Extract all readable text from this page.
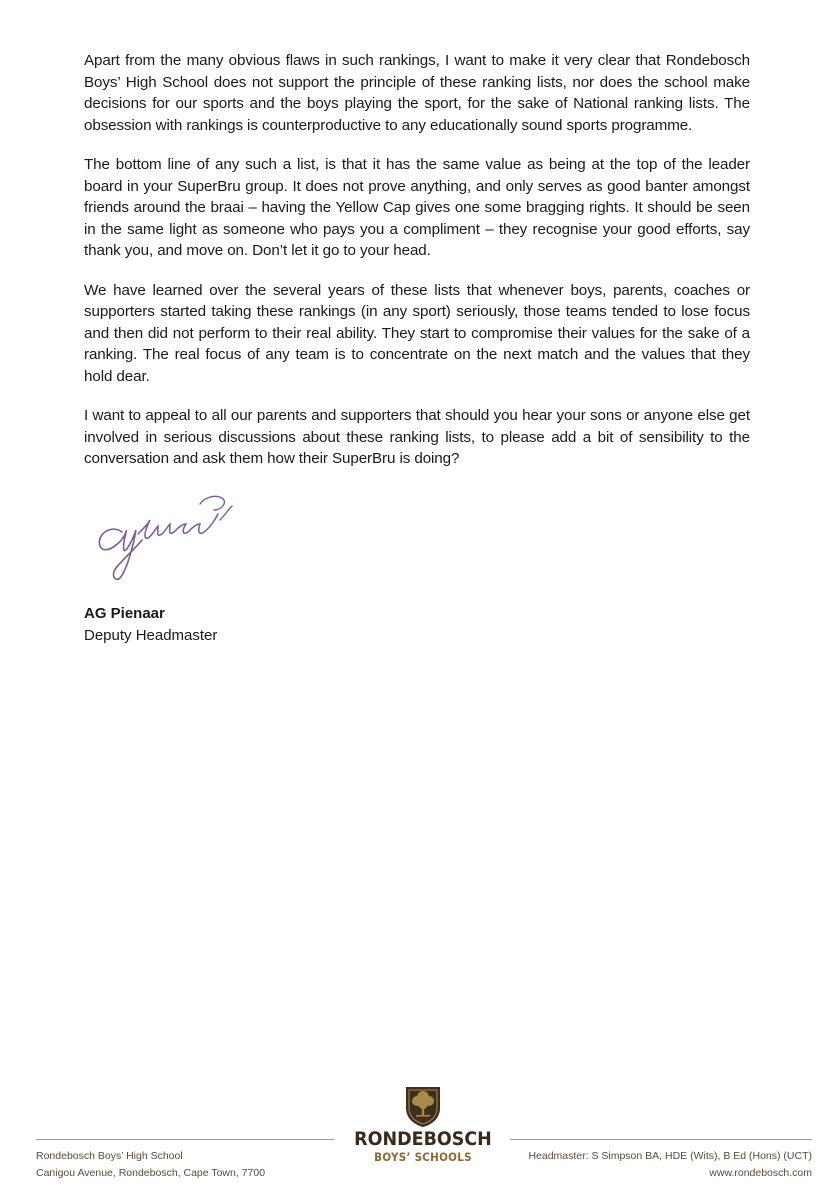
Apart from the many obvious flaws in such rankings, I want to make it very clear that Rondebosch Boys’ High School does not support the principle of these ranking lists, nor does the school make decisions for our sports and the boys playing the sport, for the sake of National ranking lists. The obsession with rankings is counterproductive to any educationally sound sports programme.

The bottom line of any such a list, is that it has the same value as being at the top of the leader board in your SuperBru group. It does not prove anything, and only serves as good banter amongst friends around the braai – having the Yellow Cap gives one some bragging rights. It should be seen in the same light as someone who pays you a compliment – they recognise your good efforts, say thank you, and move on. Don’t let it go to your head.

We have learned over the several years of these lists that whenever boys, parents, coaches or supporters started taking these rankings (in any sport) seriously, those teams tended to lose focus and then did not perform to their real ability. They start to compromise their values for the sake of a ranking. The real focus of any team is to concentrate on the next match and the values that they hold dear.

I want to appeal to all our parents and supporters that should you hear your sons or anyone else get involved in serious discussions about these ranking lists, to please add a bit of sensibility to the conversation and ask them how their SuperBru is doing?

AG Pienaar
Deputy Headmaster
RONDEBOSCH
BOYS’ SCHOOLS
Rondebosch Boys’ High School
Canigou Avenue, Rondebosch, Cape Town, 7700
Headmaster: S Simpson BA, HDE (Wits), B Ed (Hons) (UCT)
www.rondebosch.com
